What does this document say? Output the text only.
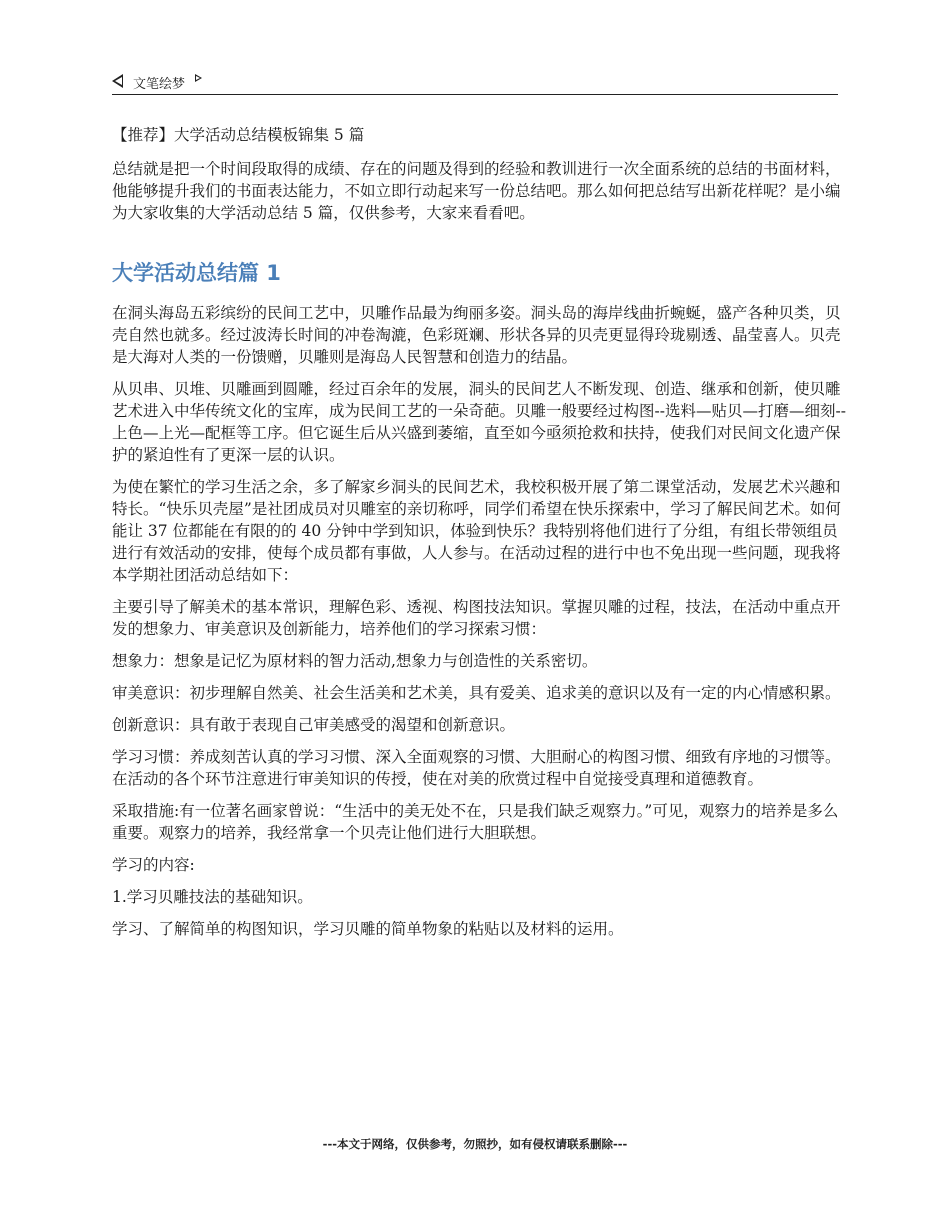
文笔绘梦

【推荐】大学活动总结模板锦集 5 篇

总结就是把一个时间段取得的成绩、存在的问题及得到的经验和教训进行一次全面系统的总结的书面材料，他能够提升我们的书面表达能力，不如立即行动起来写一份总结吧。那么如何把总结写出新花样呢？是小编为大家收集的大学活动总结 5 篇，仅供参考，大家来看看吧。

大学活动总结篇 1

在洞头海岛五彩缤纷的民间工艺中，贝雕作品最为绚丽多姿。洞头岛的海岸线曲折蜿蜒，盛产各种贝类，贝壳自然也就多。经过波涛长时间的冲卷淘漉，色彩斑斓、形状各异的贝壳更显得玲珑剔透、晶莹喜人。贝壳是大海对人类的一份馈赠，贝雕则是海岛人民智慧和创造力的结晶。

从贝串、贝堆、贝雕画到圆雕，经过百余年的发展，洞头的民间艺人不断发现、创造、继承和创新，使贝雕艺术进入中华传统文化的宝库，成为民间工艺的一朵奇葩。贝雕一般要经过构图--选料—贴贝—打磨—细刻--上色—上光—配框等工序。但它诞生后从兴盛到萎缩，直至如今亟须抢救和扶持，使我们对民间文化遗产保护的紧迫性有了更深一层的认识。

为使在繁忙的学习生活之余，多了解家乡洞头的民间艺术，我校积极开展了第二课堂活动，发展艺术兴趣和特长。“快乐贝壳屋”是社团成员对贝雕室的亲切称呼，同学们希望在快乐探索中，学习了解民间艺术。如何能让 37 位都能在有限的的 40 分钟中学到知识，体验到快乐？我特别将他们进行了分组，有组长带领组员进行有效活动的安排，使每个成员都有事做，人人参与。在活动过程的进行中也不免出现一些问题，现我将本学期社团活动总结如下：

主要引导了解美术的基本常识，理解色彩、透视、构图技法知识。掌握贝雕的过程，技法，在活动中重点开发的想象力、审美意识及创新能力，培养他们的学习探索习惯：

想象力：想象是记忆为原材料的智力活动,想象力与创造性的关系密切。

审美意识：初步理解自然美、社会生活美和艺术美，具有爱美、追求美的意识以及有一定的内心情感积累。

创新意识：具有敢于表现自己审美感受的渴望和创新意识。

学习习惯：养成刻苦认真的学习习惯、深入全面观察的习惯、大胆耐心的构图习惯、细致有序地的习惯等。在活动的各个环节注意进行审美知识的传授，使在对美的欣赏过程中自觉接受真理和道德教育。

采取措施:有一位著名画家曾说：“生活中的美无处不在，只是我们缺乏观察力。”可见，观察力的培养是多么重要。观察力的培养，我经常拿一个贝壳让他们进行大胆联想。

学习的内容:

1.学习贝雕技法的基础知识。

学习、了解简单的构图知识，学习贝雕的简单物象的粘贴以及材料的运用。

---本文于网络，仅供参考，勿照抄，如有侵权请联系删除---
